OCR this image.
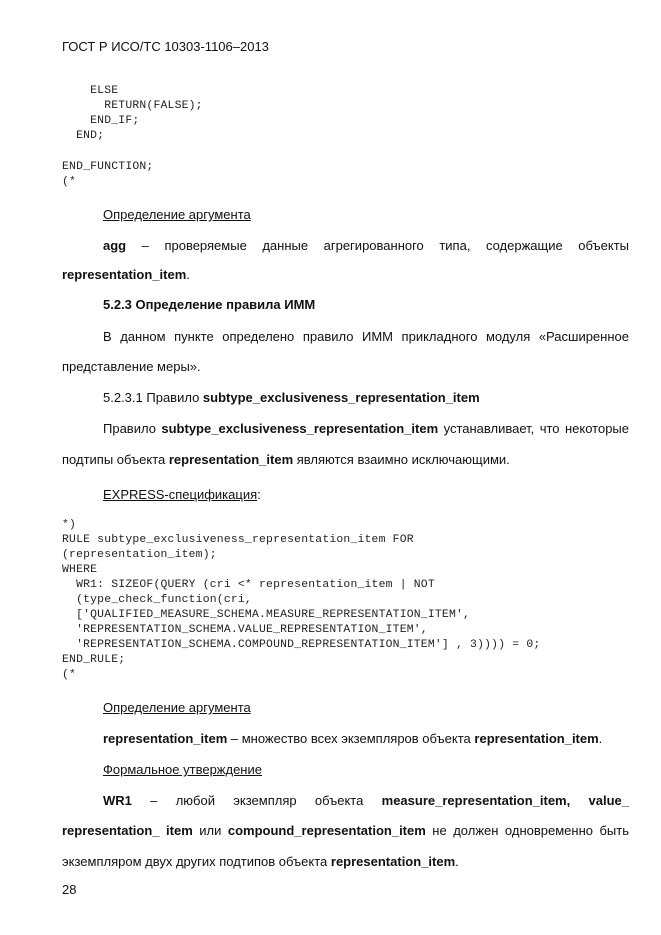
ГОСТ Р ИСО/ТС 10303-1106–2013
ELSE
RETURN(FALSE);
END_IF;
END;
END_FUNCTION;
(*
Определение аргумента
agg – проверяемые данные агрегированного типа, содержащие объекты
representation_item.
5.2.3 Определение правила ИММ
В данном пункте определено правило ИММ прикладного модуля «Расширенное
представление меры».
5.2.3.1 Правило subtype_exclusiveness_representation_item
Правило subtype_exclusiveness_representation_item устанавливает, что некоторые
подтипы объекта representation_item являются взаимно исключающими.
EXPRESS-спецификация:
*)
RULE subtype_exclusiveness_representation_item FOR
(representation_item);
WHERE
WR1: SIZEOF(QUERY (cri <* representation_item | NOT
(type_check_function(cri,
['QUALIFIED_MEASURE_SCHEMA.MEASURE_REPRESENTATION_ITEM',
'REPRESENTATION_SCHEMA.VALUE_REPRESENTATION_ITEM',
'REPRESENTATION_SCHEMA.COMPOUND_REPRESENTATION_ITEM'] , 3)))) = 0;
END_RULE;
(*
Определение аргумента
representation_item – множество всех экземпляров объекта representation_item.
Формальное утверждение
WR1 – любой экземпляр объекта measure_representation_item, value_
representation_ item или compound_representation_item не должен одновременно быть
экземпляром двух других подтипов объекта representation_item.
28
